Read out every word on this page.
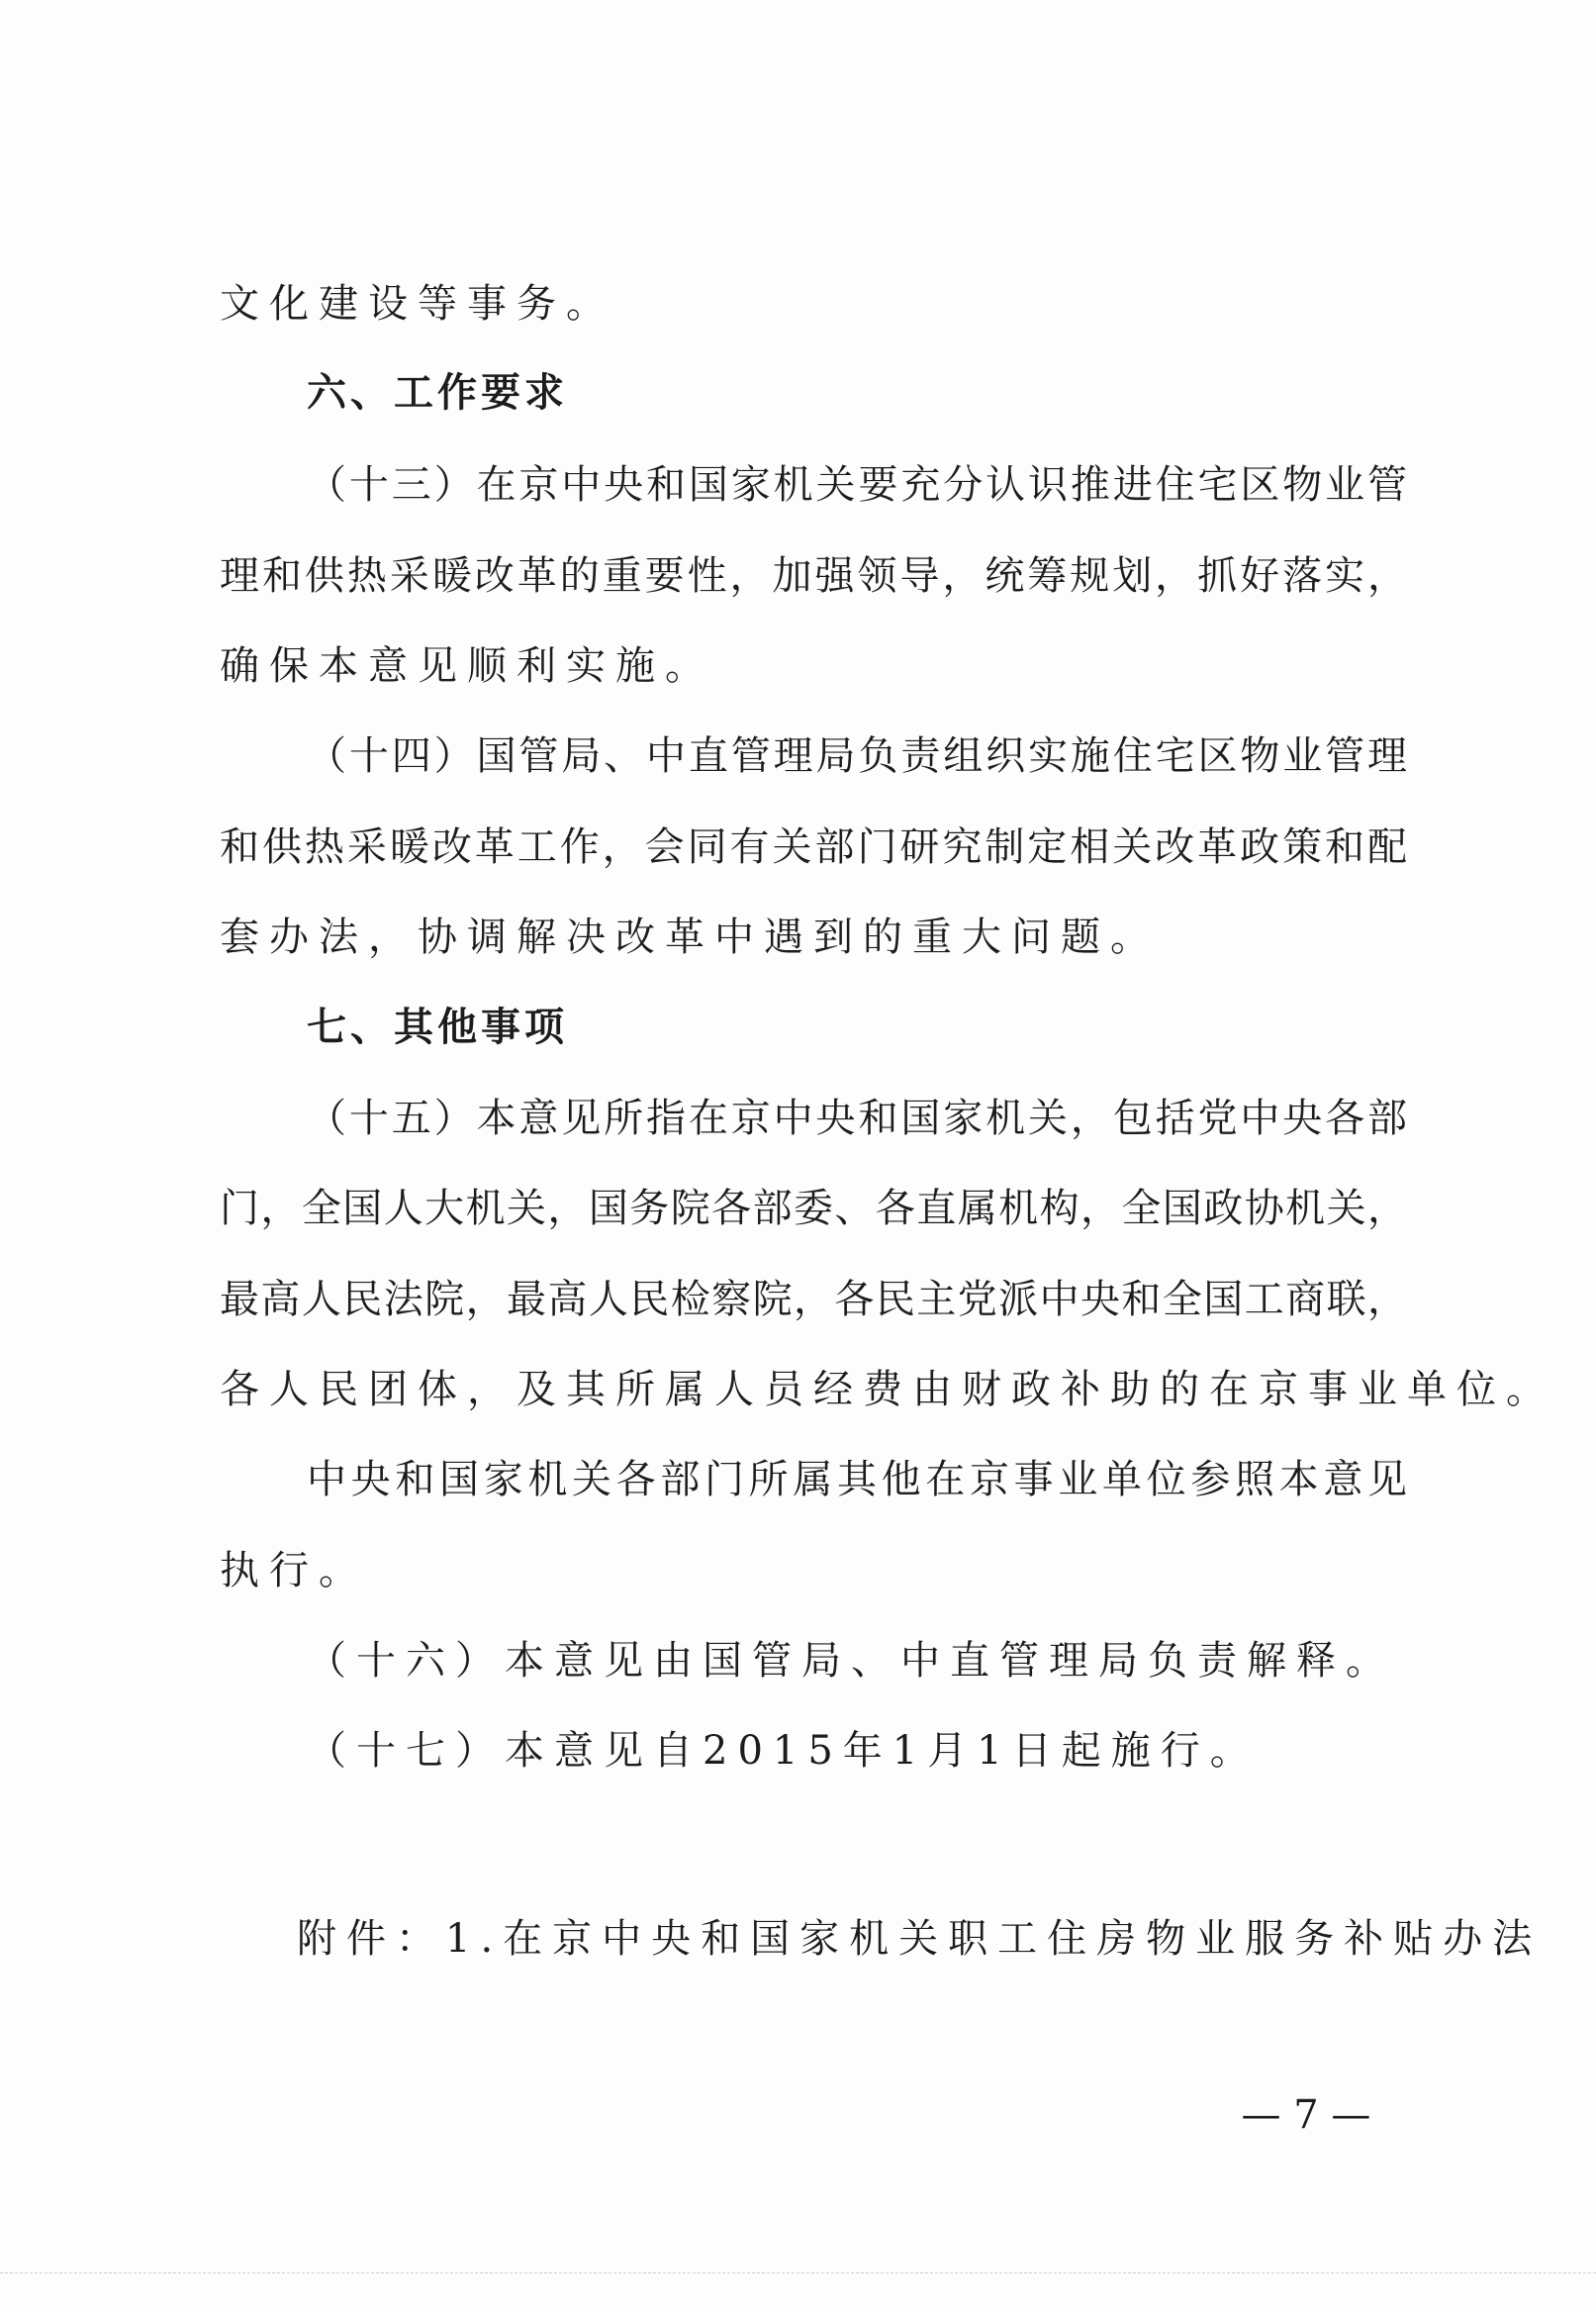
文化建设等事务。
六、工作要求
（十三）在京中央和国家机关要充分认识推进住宅区物业管
理和供热采暖改革的重要性，加强领导，统筹规划，抓好落实，
确保本意见顺利实施。
（十四）国管局、中直管理局负责组织实施住宅区物业管理
和供热采暖改革工作，会同有关部门研究制定相关改革政策和配
套办法，协调解决改革中遇到的重大问题。
七、其他事项
（十五）本意见所指在京中央和国家机关，包括党中央各部
门，全国人大机关，国务院各部委、各直属机构，全国政协机关，
最高人民法院，最高人民检察院，各民主党派中央和全国工商联，
各人民团体，及其所属人员经费由财政补助的在京事业单位。
中央和国家机关各部门所属其他在京事业单位参照本意见
执行。
（十六）本意见由国管局、中直管理局负责解释。
（十七）本意见自2015年1月1日起施行。
附件：1.在京中央和国家机关职工住房物业服务补贴办法
— 7 —
